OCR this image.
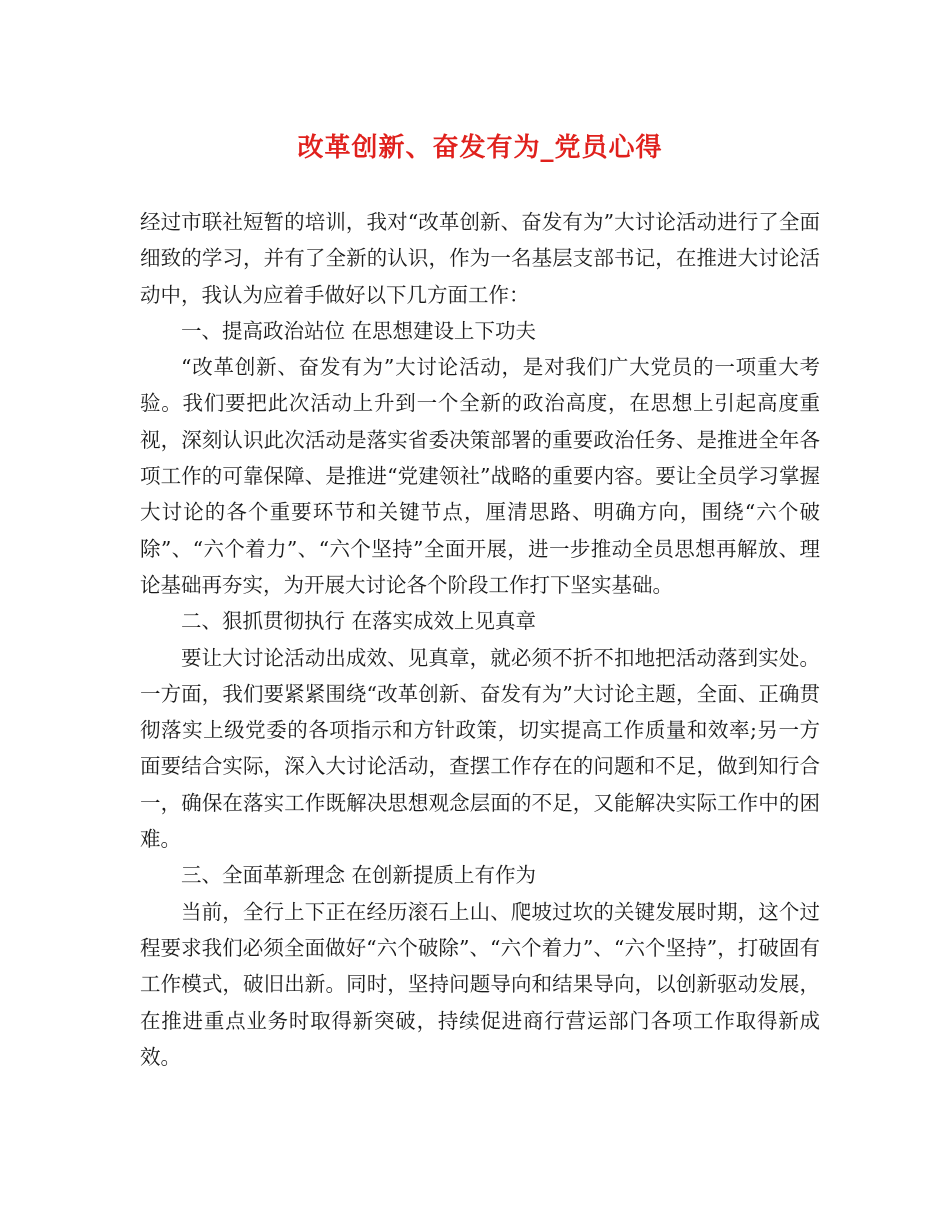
改革创新、奋发有为_党员心得

经过市联社短暂的培训，我对“改革创新、奋发有为”大讨论活动进行了全面细致的学习，并有了全新的认识，作为一名基层支部书记，在推进大讨论活动中，我认为应着手做好以下几方面工作：

一、提高政治站位 在思想建设上下功夫

“改革创新、奋发有为”大讨论活动，是对我们广大党员的一项重大考验。我们要把此次活动上升到一个全新的政治高度，在思想上引起高度重视，深刻认识此次活动是落实省委决策部署的重要政治任务、是推进全年各项工作的可靠保障、是推进“党建领社”战略的重要内容。要让全员学习掌握大讨论的各个重要环节和关键节点，厘清思路、明确方向，围绕“六个破除”、“六个着力”、“六个坚持”全面开展，进一步推动全员思想再解放、理论基础再夯实，为开展大讨论各个阶段工作打下坚实基础。

二、狠抓贯彻执行 在落实成效上见真章

要让大讨论活动出成效、见真章，就必须不折不扣地把活动落到实处。一方面，我们要紧紧围绕“改革创新、奋发有为”大讨论主题，全面、正确贯彻落实上级党委的各项指示和方针政策，切实提高工作质量和效率;另一方面要结合实际，深入大讨论活动，查摆工作存在的问题和不足，做到知行合一，确保在落实工作既解决思想观念层面的不足，又能解决实际工作中的困难。

三、全面革新理念 在创新提质上有作为

当前，全行上下正在经历滚石上山、爬坡过坎的关键发展时期，这个过程要求我们必须全面做好“六个破除”、“六个着力”、“六个坚持”，打破固有工作模式，破旧出新。同时，坚持问题导向和结果导向，以创新驱动发展，在推进重点业务时取得新突破，持续促进商行营运部门各项工作取得新成效。
